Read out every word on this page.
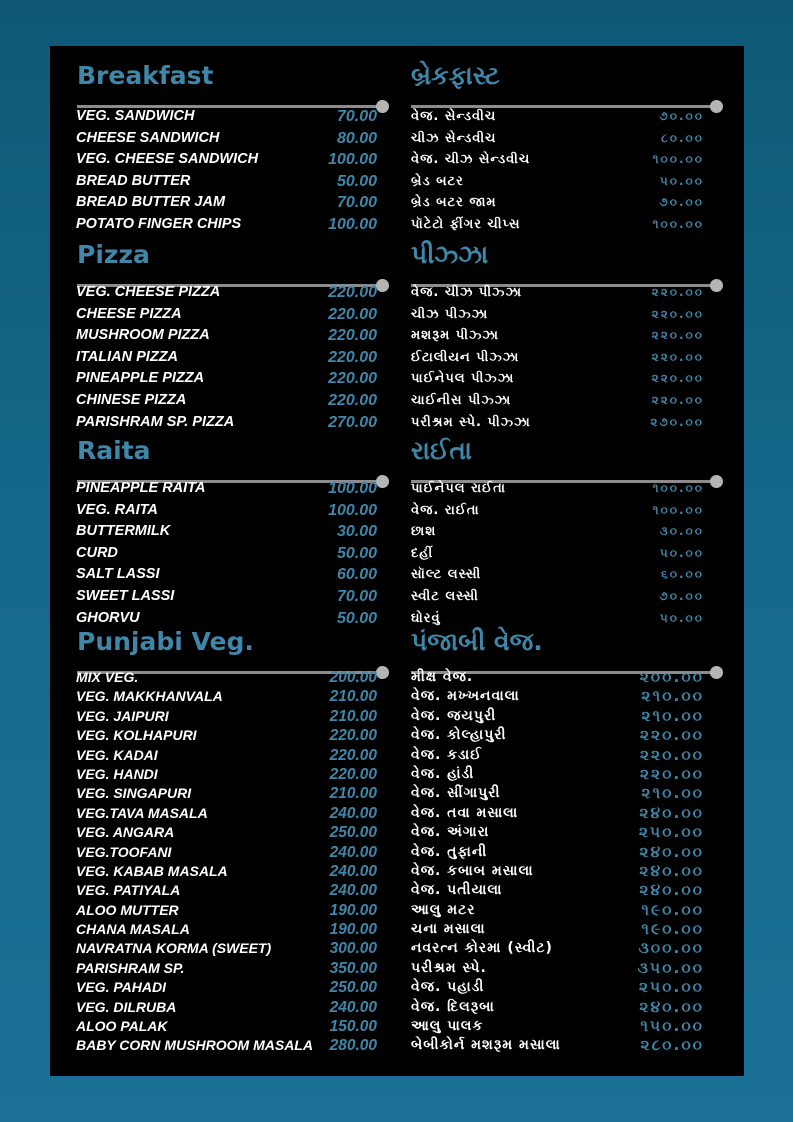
Breakfast
VEG. SANDWICH	70.00
CHEESE SANDWICH	80.00
VEG. CHEESE SANDWICH	100.00
BREAD BUTTER	50.00
BREAD BUTTER JAM	70.00
POTATO FINGER CHIPS	100.00
Pizza
VEG. CHEESE PIZZA	220.00
CHEESE PIZZA	220.00
MUSHROOM PIZZA	220.00
ITALIAN PIZZA	220.00
PINEAPPLE PIZZA	220.00
CHINESE PIZZA	220.00
PARISHRAM SP. PIZZA	270.00
Raita
PINEAPPLE RAITA	100.00
VEG. RAITA	100.00
BUTTERMILK	30.00
CURD	50.00
SALT LASSI	60.00
SWEET LASSI	70.00
GHORVU	50.00
Punjabi Veg.
MIX VEG.	200.00
VEG. MAKKHANVALA	210.00
VEG. JAIPURI	210.00
VEG. KOLHAPURI	220.00
VEG. KADAI	220.00
VEG. HANDI	220.00
VEG. SINGAPURI	210.00
VEG.TAVA MASALA	240.00
VEG. ANGARA	250.00
VEG.TOOFANI	240.00
VEG. KABAB MASALA	240.00
VEG. PATIYALA	240.00
ALOO MUTTER	190.00
CHANA MASALA	190.00
NAVRATNA KORMA (SWEET)	300.00
PARISHRAM SP.	350.00
VEG. PAHADI	250.00
VEG. DILRUBA	240.00
ALOO PALAK	150.00
BABY CORN MUSHROOM MASALA 280.00
બ્રેકફાસ્ટ
વેજ. સેન્ડવીચ	૭૦.૦૦
ચીઝ સેન્ડવીચ	૮૦.૦૦
વેજ. ચીઝ સેન્ડવીચ	૧૦૦.૦૦
બ્રેડ બટર	૫૦.૦૦
બ્રેડ બટર જામ	૭૦.૦૦
પૉટેટો ફીંગર ચીપ્સ	૧૦૦.૦૦
પીઝ્ઝા
વેજ. ચીઝ પીઝ્ઝા	૨૨૦.૦૦
ચીઝ પીઝ્ઝા	૨૨૦.૦૦
મશરૂમ પીઝ્ઝા	૨૨૦.૦૦
ઈટાલીયન પીઝ્ઝા	૨૨૦.૦૦
પાઈનેપલ પીઝ્ઝા	૨૨૦.૦૦
ચાઈનીસ પીઝ્ઝા	૨૨૦.૦૦
પરીશ્રમ સ્પે. પીઝ્ઝા	૨૭૦.૦૦
રાઈતા
પાઈનેપલ રાઈતા	૧૦૦.૦૦
વેજ. રાઈતા	૧૦૦.૦૦
છાશ	૩૦.૦૦
દહીં	૫૦.૦૦
સૉલ્ટ લસ્સી	૬૦.૦૦
સ્વીટ લસ્સી	૭૦.૦૦
ઘોરવું	૫૦.૦૦
પંજાબી વેજ.
મીક્ષ વેજ.	૨૦૦.૦૦
વેજ. મખ્ખનવાલા	૨૧૦.૦૦
વેજ. જયપુરી	૨૧૦.૦૦
વેજ. કોલ્હાપુરી	૨૨૦.૦૦
વેજ. કડાઈ	૨૨૦.૦૦
વેજ. હાંડી	૨૨૦.૦૦
વેજ. સીંગાપુરી	૨૧૦.૦૦
વેજ. તવા મસાલા	૨૪૦.૦૦
વેજ. અંગારા	૨૫૦.૦૦
વેજ. તુફાની	૨૪૦.૦૦
વેજ. કબાબ મસાલા	૨૪૦.૦૦
વેજ. પતીયાલા	૨૪૦.૦૦
આલુ મટર	૧૯૦.૦૦
ચના મસાલા	૧૯૦.૦૦
નવરત્ન કોરમા (સ્વીટ)	૩૦૦.૦૦
પરીશ્રમ સ્પે.	૩૫૦.૦૦
વેજ. પહાડી	૨૫૦.૦૦
વેજ. દિલરૂબા	૨૪૦.૦૦
આલુ પાલક	૧૫૦.૦૦
બેબીકોર્ન મશરૂમ મસાલા	૨૮૦.૦૦
